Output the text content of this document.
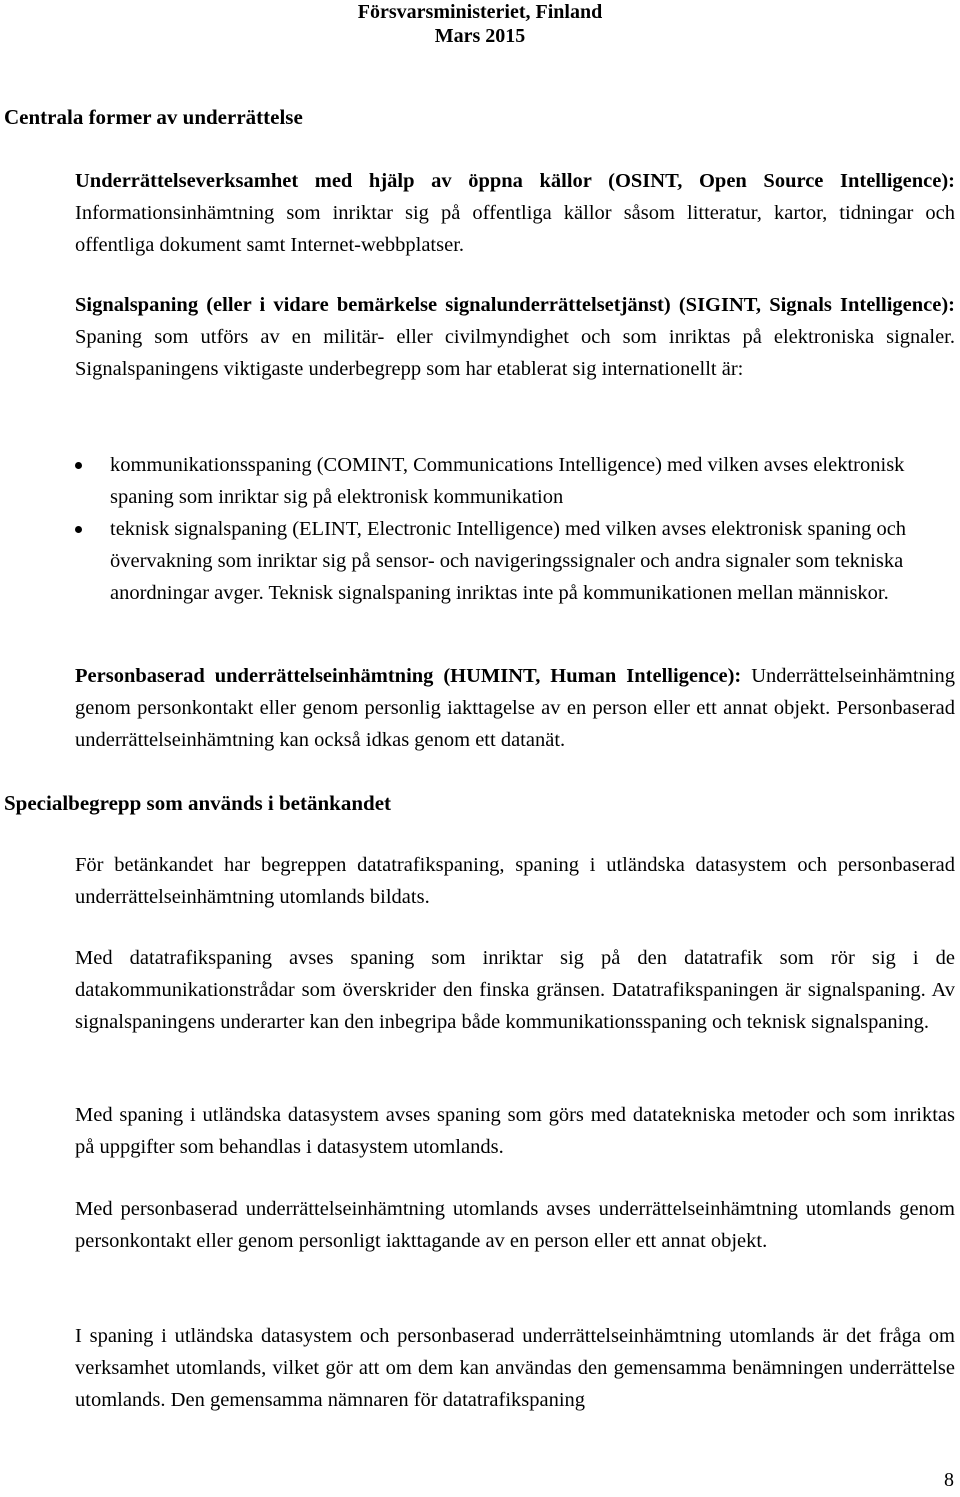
Försvarsministeriet, Finland
Mars 2015
Centrala former av underrättelse
Underrättelseverksamhet med hjälp av öppna källor (OSINT, Open Source Intelligence): Informationsinhämtning som inriktar sig på offentliga källor såsom litteratur, kartor, tidningar och offentliga dokument samt Internet-webbplatser.
Signalspaning (eller i vidare bemärkelse signalunderrättelsetjänst) (SIGINT, Signals Intelligence): Spaning som utförs av en militär- eller civilmyndighet och som inriktas på elektroniska signaler. Signalspaningens viktigaste underbegrepp som har etablerat sig internationellt är:
kommunikationsspaning (COMINT, Communications Intelligence) med vilken avses elektronisk spaning som inriktar sig på elektronisk kommunikation
teknisk signalspaning (ELINT, Electronic Intelligence) med vilken avses elektronisk spaning och övervakning som inriktar sig på sensor- och navigeringssignaler och andra signaler som tekniska anordningar avger. Teknisk signalspaning inriktas inte på kommunikationen mellan människor.
Personbaserad underrättelseinhämtning (HUMINT, Human Intelligence): Underrättelseinhämtning genom personkontakt eller genom personlig iakttagelse av en person eller ett annat objekt. Personbaserad underrättelseinhämtning kan också idkas genom ett datanät.
Specialbegrepp som används i betänkandet
För betänkandet har begreppen datatrafikspaning, spaning i utländska datasystem och personbaserad underrättelseinhämtning utomlands bildats.
Med datatrafikspaning avses spaning som inriktar sig på den datatrafik som rör sig i de datakommunikationstrådar som överskrider den finska gränsen. Datatrafikspaningen är signalspaning. Av signalspaningens underarter kan den inbegripa både kommunikationsspaning och teknisk signalspaning.
Med spaning i utländska datasystem avses spaning som görs med datatekniska metoder och som inriktas på uppgifter som behandlas i datasystem utomlands.
Med personbaserad underrättelseinhämtning utomlands avses underrättelseinhämtning utomlands genom personkontakt eller genom personligt iakttagande av en person eller ett annat objekt.
I spaning i utländska datasystem och personbaserad underrättelseinhämtning utomlands är det fråga om verksamhet utomlands, vilket gör att om dem kan användas den gemensamma benämningen underrättelse utomlands. Den gemensamma nämnaren för datatrafikspaning
8
